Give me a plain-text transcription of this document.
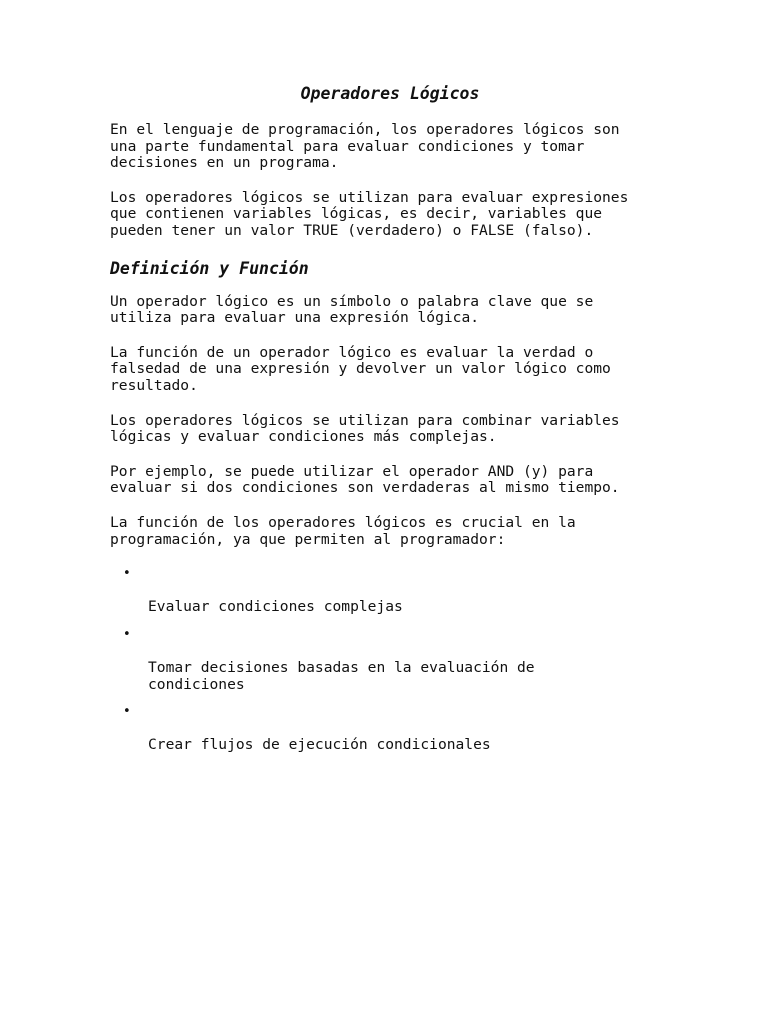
Operadores Lógicos

En el lenguaje de programación, los operadores lógicos son
una parte fundamental para evaluar condiciones y tomar
decisiones en un programa.

Los operadores lógicos se utilizan para evaluar expresiones
que contienen variables lógicas, es decir, variables que
pueden tener un valor TRUE (verdadero) o FALSE (falso).

Definición y Función

Un operador lógico es un símbolo o palabra clave que se
utiliza para evaluar una expresión lógica.

La función de un operador lógico es evaluar la verdad o
falsedad de una expresión y devolver un valor lógico como
resultado.

Los operadores lógicos se utilizan para combinar variables
lógicas y evaluar condiciones más complejas.

Por ejemplo, se puede utilizar el operador AND (y) para
evaluar si dos condiciones son verdaderas al mismo tiempo.

La función de los operadores lógicos es crucial en la
programación, ya que permiten al programador:

•

Evaluar condiciones complejas

•

Tomar decisiones basadas en la evaluación de
condiciones

•

Crear flujos de ejecución condicionales
